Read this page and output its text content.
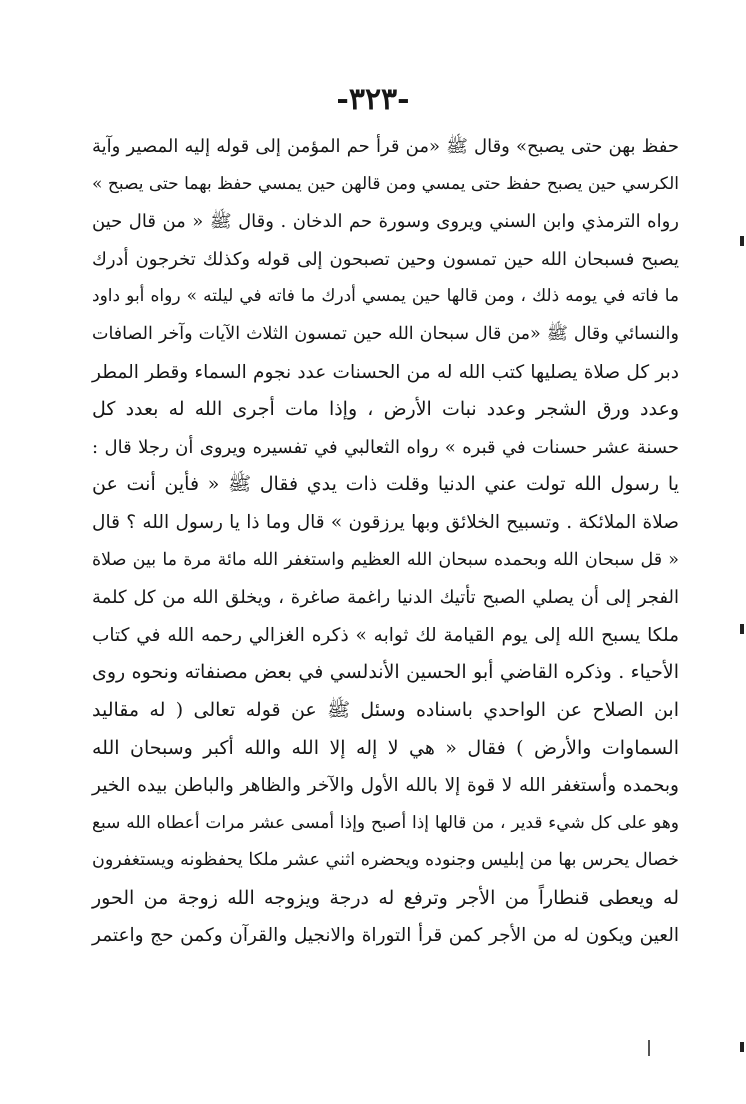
-٣٢٣-
حفظ بهن حتى يصبح» وقال ﷺ «من قرأ حم المؤمن إلى قوله إليه المصير وآية
الكرسي حين يصبح حفظ حتى يمسي ومن قالهن حين يمسي حفظ بهما حتى يصبح »
رواه الترمذي وابن السني ويروى وسورة حم الدخان . وقال ﷺ « من قال حين
يصبح فسبحان الله حين تمسون وحين تصبحون إلى قوله وكذلك تخرجون أدرك
ما فاته في يومه ذلك ، ومن قالها حين يمسي أدرك ما فاته في ليلته » رواه أبو داود
والنسائي وقال ﷺ «من قال سبحان الله حين تمسون الثلاث الآيات وآخر الصافات
دبر كل صلاة يصليها كتب الله له من الحسنات عدد نجوم السماء وقطر المطر
وعدد ورق الشجر وعدد نبات الأرض ، وإذا مات أجرى الله له بعدد كل
حسنة عشر حسنات في قبره » رواه الثعالبي في تفسيره ويروى أن رجلا قال :
يا رسول الله تولت عني الدنيا وقلت ذات يدي فقال ﷺ « فأين أنت عن
صلاة الملائكة . وتسبيح الخلائق وبها يرزقون » قال وما ذا يا رسول الله ؟ قال
« قل سبحان الله وبحمده سبحان الله العظيم واستغفر الله مائة مرة ما بين صلاة
الفجر إلى أن يصلي الصبح تأتيك الدنيا راغمة صاغرة ، ويخلق الله من كل كلمة
ملكا يسبح الله إلى يوم القيامة لك ثوابه » ذكره الغزالي رحمه الله في كتاب
الأحياء . وذكره القاضي أبو الحسين الأندلسي في بعض مصنفاته ونحوه روى
ابن الصلاح عن الواحدي باسناده وسئل ﷺ عن قوله تعالى ( له مقاليد
السماوات والأرض ) فقال « هي لا إله إلا الله والله أكبر وسبحان الله
وبحمده وأستغفر الله لا قوة إلا بالله الأول والآخر والظاهر والباطن بيده الخير
وهو على كل شيء قدير ، من قالها إذا أصبح وإذا أمسى عشر مرات أعطاه الله سبع
خصال يحرس بها من إبليس وجنوده ويحضره اثني عشر ملكا يحفظونه ويستغفرون
له ويعطى قنطاراً من الأجر وترفع له درجة ويزوجه الله زوجة من الحور
العين ويكون له من الأجر كمن قرأ التوراة والانجيل والقرآن وكمن حج واعتمر
